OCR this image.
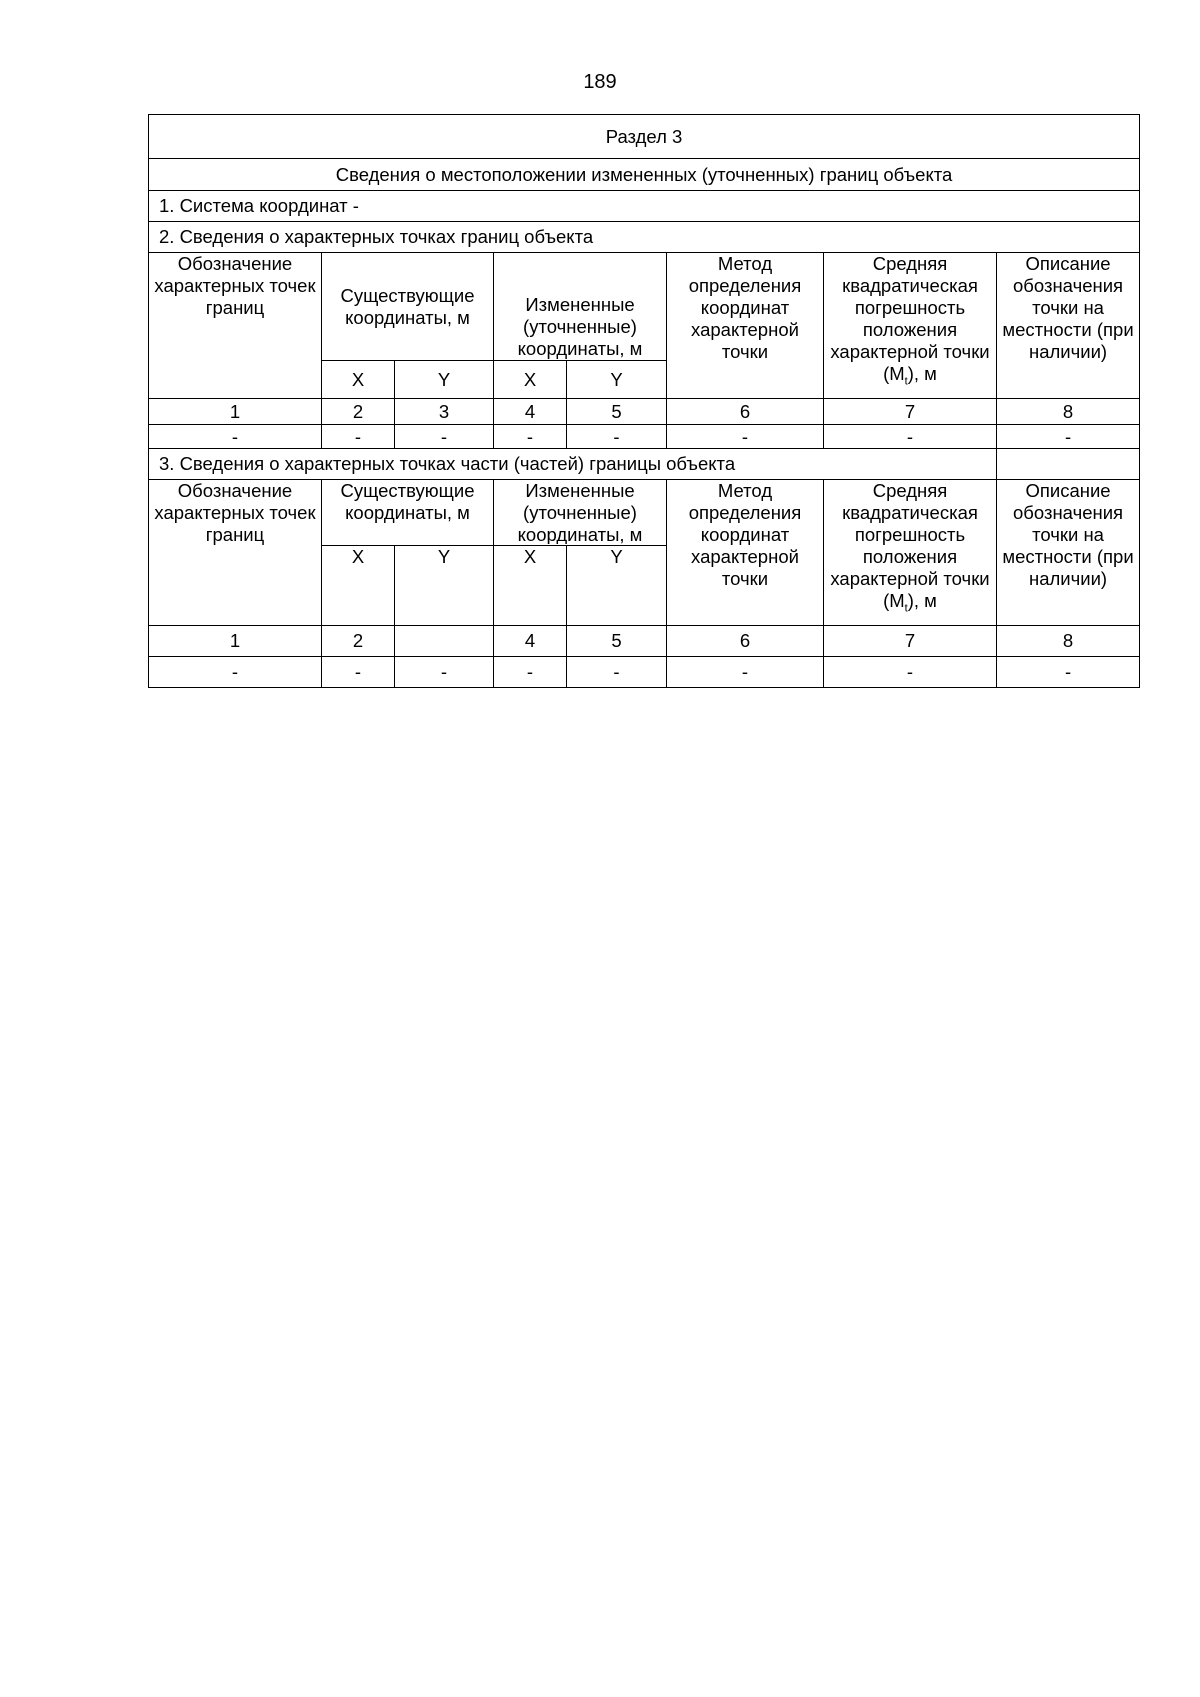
189
Раздел 3							
Сведения о местоположении измененных (уточненных) границ объекта							
1. Система координат -							
2. Сведения о характерных точках границ объекта							
Обозначение характерных точек границ	Существующие координаты, м		Измененные (уточненные) координаты, м		Метод определения координат характерной точки	Средняя квадратическая погрешность положения характерной точки $(M_t)$, м	Описание обозначения точки на местности (при наличии)

	X	Y	X	Y			
1	2	3	4	5	6	7	8
-	-	-	-	-	-	-	-
3. Сведения о характерных точках части (частей) границы объекта							
Обозначение характерных точек границ	Существующие координаты, м		Измененные (уточненные) координаты, м		Метод определения координат характерной точки	Средняя квадратическая погрешность положения характерной точки $(M_t)$, м	Описание обозначения точки на местности (при наличии)
	X	Y	X	Y			
1	2		4	5	6	7	8
-	-	-	-	-	-	-	-
